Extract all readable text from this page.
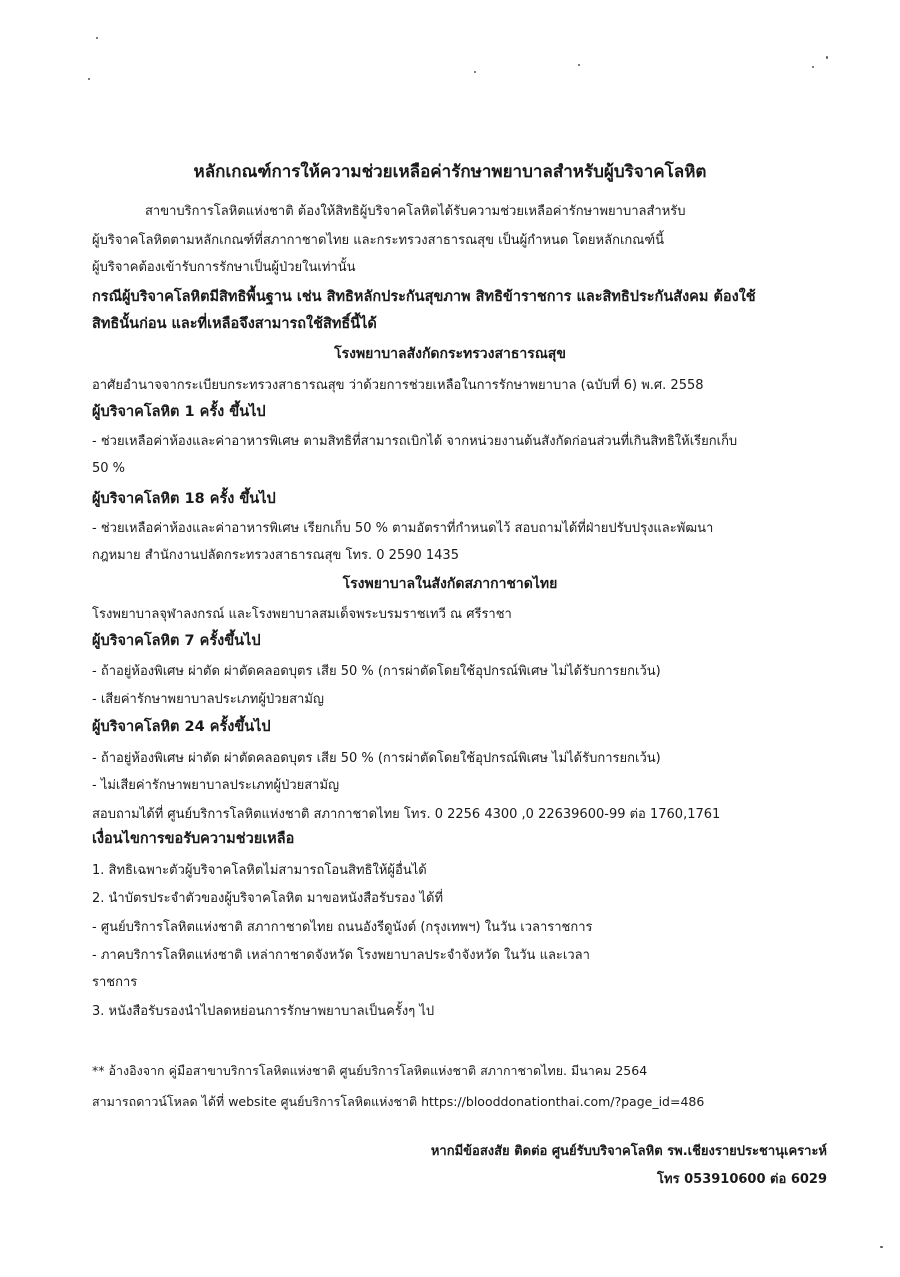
หลักเกณฑ์การให้ความช่วยเหลือค่ารักษาพยาบาลสำหรับผู้บริจาคโลหิต
สาขาบริการโลหิตแห่งชาติ ต้องให้สิทธิผู้บริจาคโลหิตได้รับความช่วยเหลือค่ารักษาพยาบาลสำหรับ
ผู้บริจาคโลหิตตามหลักเกณฑ์ที่สภากาชาดไทย และกระทรวงสาธารณสุข เป็นผู้กำหนด โดยหลักเกณฑ์นี้
ผู้บริจาคต้องเข้ารับการรักษาเป็นผู้ป่วยในเท่านั้น
กรณีผู้บริจาคโลหิตมีสิทธิพื้นฐาน เช่น สิทธิหลักประกันสุขภาพ สิทธิข้าราชการ และสิทธิประกันสังคม ต้องใช้
สิทธินั้นก่อน และที่เหลือจึงสามารถใช้สิทธิ์นี้ได้
โรงพยาบาลสังกัดกระทรวงสาธารณสุข
อาศัยอำนาจจากระเบียบกระทรวงสาธารณสุข ว่าด้วยการช่วยเหลือในการรักษาพยาบาล (ฉบับที่ 6) พ.ศ. 2558
ผู้บริจาคโลหิต 1 ครั้ง ขึ้นไป
- ช่วยเหลือค่าห้องและค่าอาหารพิเศษ ตามสิทธิที่สามารถเบิกได้ จากหน่วยงานต้นสังกัดก่อนส่วนที่เกินสิทธิให้เรียกเก็บ
50 %
ผู้บริจาคโลหิต 18 ครั้ง ขึ้นไป
- ช่วยเหลือค่าห้องและค่าอาหารพิเศษ เรียกเก็บ 50 % ตามอัตราที่กำหนดไว้ สอบถามได้ที่ฝ่ายปรับปรุงและพัฒนา
กฎหมาย สำนักงานปลัดกระทรวงสาธารณสุข โทร. 0 2590 1435
โรงพยาบาลในสังกัดสภากาชาดไทย
โรงพยาบาลจุฬาลงกรณ์ และโรงพยาบาลสมเด็จพระบรมราชเทวี ณ ศรีราชา
ผู้บริจาคโลหิต 7 ครั้งขึ้นไป
- ถ้าอยู่ห้องพิเศษ ผ่าตัด ผ่าตัดคลอดบุตร เสีย 50 % (การผ่าตัดโดยใช้อุปกรณ์พิเศษ ไม่ได้รับการยกเว้น)
- เสียค่ารักษาพยาบาลประเภทผู้ป่วยสามัญ
ผู้บริจาคโลหิต 24 ครั้งขึ้นไป
- ถ้าอยู่ห้องพิเศษ ผ่าตัด ผ่าตัดคลอดบุตร เสีย 50 % (การผ่าตัดโดยใช้อุปกรณ์พิเศษ ไม่ได้รับการยกเว้น)
- ไม่เสียค่ารักษาพยาบาลประเภทผู้ป่วยสามัญ
สอบถามได้ที่ ศูนย์บริการโลหิตแห่งชาติ สภากาชาดไทย โทร. 0 2256 4300 ,0 22639600-99 ต่อ 1760,1761
เงื่อนไขการขอรับความช่วยเหลือ
1. สิทธิเฉพาะตัวผู้บริจาคโลหิตไม่สามารถโอนสิทธิให้ผู้อื่นได้
2. นำบัตรประจำตัวของผู้บริจาคโลหิต มาขอหนังสือรับรอง ได้ที่
- ศูนย์บริการโลหิตแห่งชาติ สภากาชาดไทย ถนนอังรีดูนังต์ (กรุงเทพฯ) ในวัน เวลาราชการ
- ภาคบริการโลหิตแห่งชาติ เหล่ากาชาดจังหวัด โรงพยาบาลประจำจังหวัด ในวัน และเวลา
ราชการ
3. หนังสือรับรองนำไปลดหย่อนการรักษาพยาบาลเป็นครั้งๆ ไป
** อ้างอิงจาก คู่มือสาขาบริการโลหิตแห่งชาติ ศูนย์บริการโลหิตแห่งชาติ สภากาชาดไทย. มีนาคม 2564
สามารถดาวน์โหลด ได้ที่ website ศูนย์บริการโลหิตแห่งชาติ https://blooddonationthai.com/?page_id=486
หากมีข้อสงสัย ติดต่อ ศูนย์รับบริจาคโลหิต รพ.เชียงรายประชานุเคราะห์
โทร 053910600 ต่อ 6029
